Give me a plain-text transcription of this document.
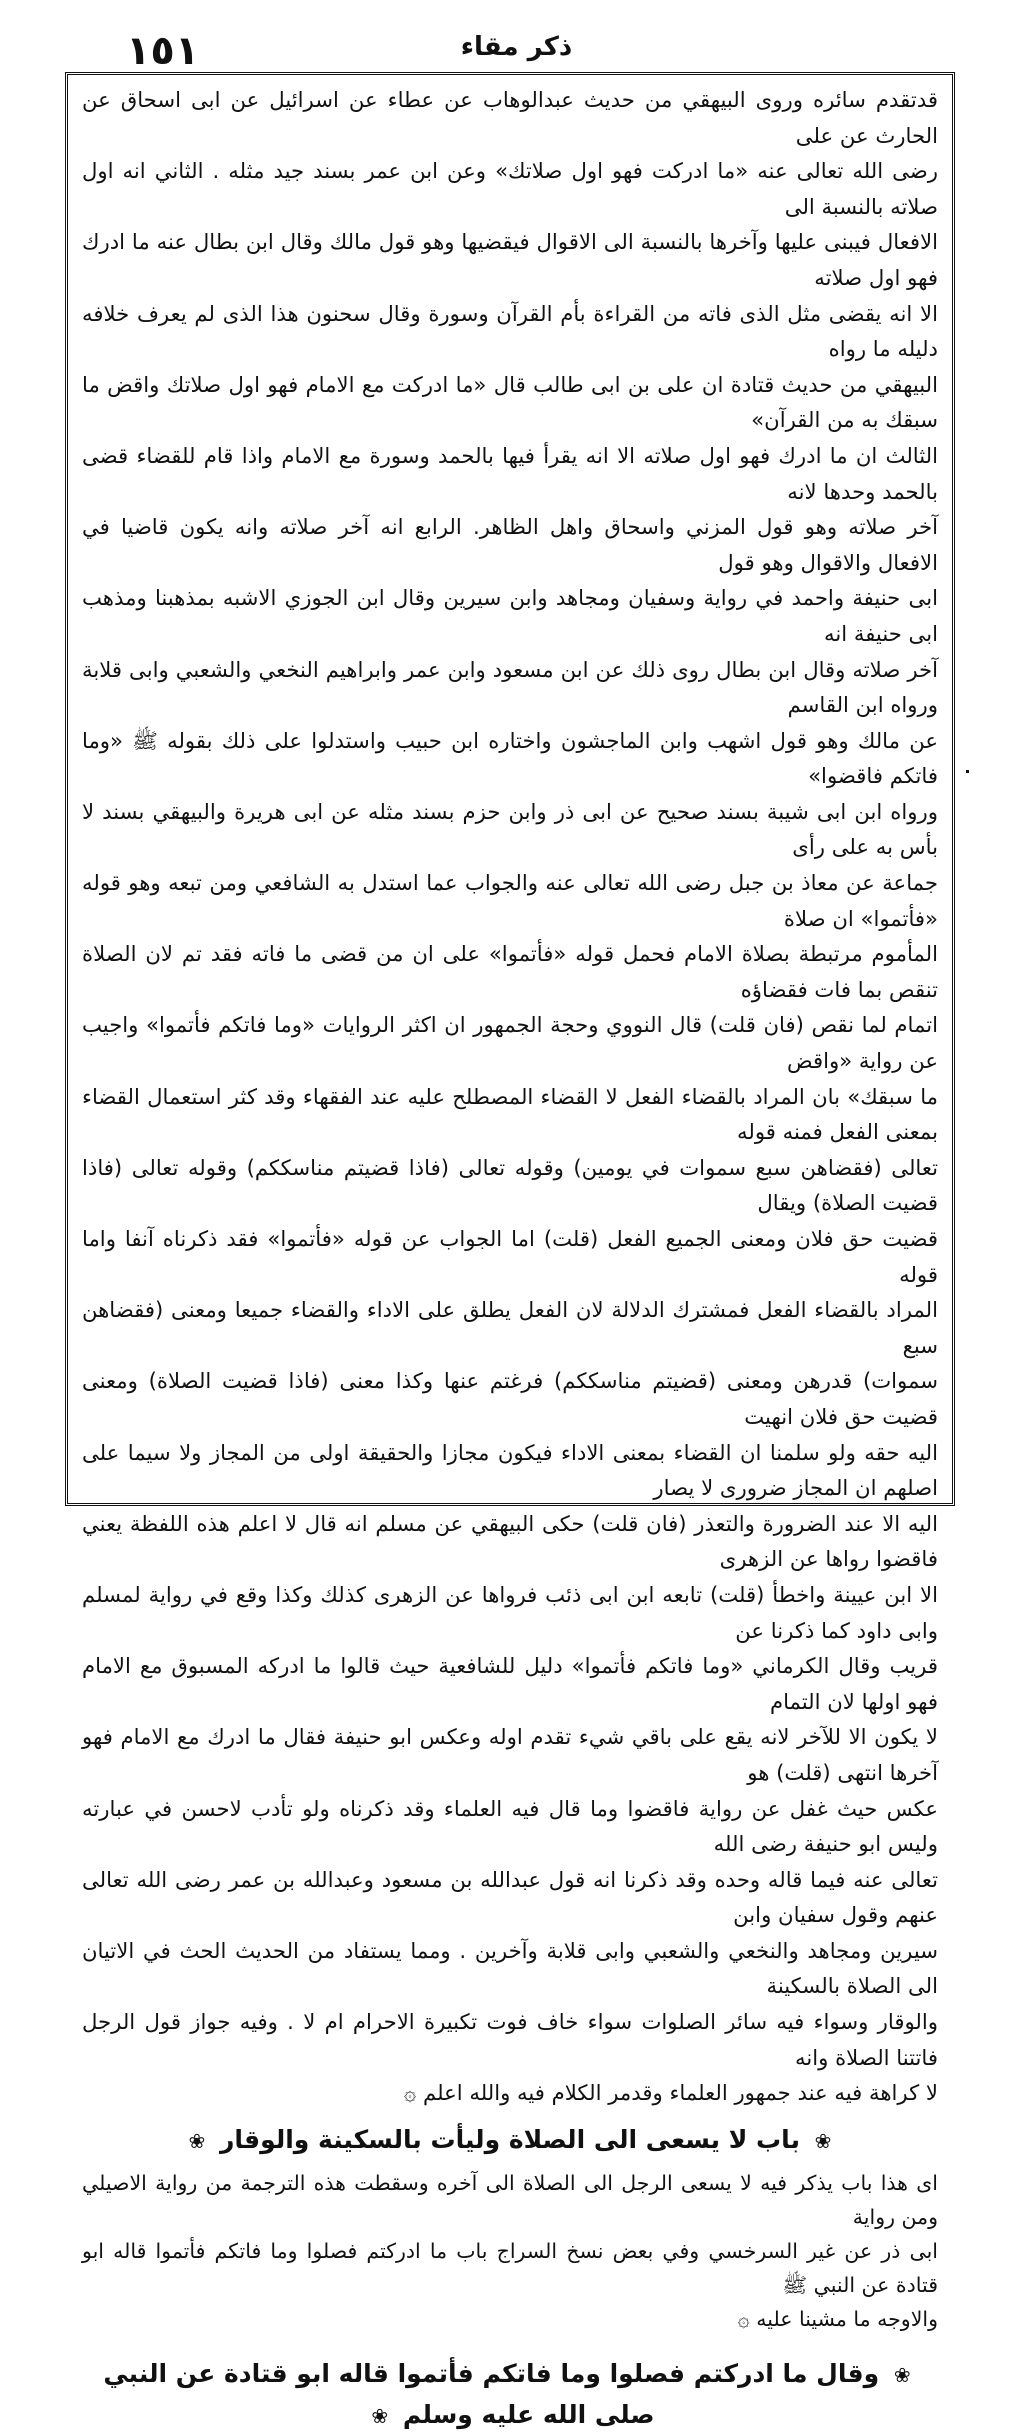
١٥١	ذكر مقاء

قدتقدم سائره وروى البيهقي من حديث عبدالوهاب عن عطاء عن اسرائيل عن ابى اسحاق عن الحارث عن على

رضى الله تعالى عنه «ما ادركت فهو اول صلاتك» وعن ابن عمر بسند جيد مثله . الثاني انه اول صلاته بالنسبة الى

الافعال فيبنى عليها وآخرها بالنسبة الى الاقوال فيقضيها وهو قول مالك وقال ابن بطال عنه ما ادرك فهو اول صلاته

الا انه يقضى مثل الذى فاته من القراءة بأم القرآن وسورة وقال سحنون هذا الذى لم يعرف خلافه دليله ما رواه

البيهقي من حديث قتادة ان على بن ابى طالب قال «ما ادركت مع الامام فهو اول صلاتك واقض ما سبقك به من القرآن»

الثالث ان ما ادرك فهو اول صلاته الا انه يقرأ فيها بالحمد وسورة مع الامام واذا قام للقضاء قضى بالحمد وحدها لانه

آخر صلاته وهو قول المزني واسحاق واهل الظاهر. الرابع انه آخر صلاته وانه يكون قاضيا في الافعال والاقوال وهو قول

ابى حنيفة واحمد في رواية وسفيان ومجاهد وابن سيرين وقال ابن الجوزي الاشبه بمذهبنا ومذهب ابى حنيفة انه

آخر صلاته وقال ابن بطال روى ذلك عن ابن مسعود وابن عمر وابراهيم النخعي والشعبي وابى قلابة ورواه ابن القاسم

عن مالك وهو قول اشهب وابن الماجشون واختاره ابن حبيب واستدلوا على ذلك بقوله ﷺ «وما فاتكم فاقضوا»

ورواه ابن ابى شيبة بسند صحيح عن ابى ذر وابن حزم بسند مثله عن ابى هريرة والبيهقي بسند لا بأس به على رأى

جماعة عن معاذ بن جبل رضى الله تعالى عنه والجواب عما استدل به الشافعي ومن تبعه وهو قوله «فأتموا» ان صلاة

المأموم مرتبطة بصلاة الامام فحمل قوله «فأتموا» على ان من قضى ما فاته فقد تم لان الصلاة تنقص بما فات فقضاؤه

اتمام لما نقص (فان قلت) قال النووي وحجة الجمهور ان اكثر الروايات «وما فاتكم فأتموا» واجيب عن رواية «واقض

ما سبقك» بان المراد بالقضاء الفعل لا القضاء المصطلح عليه عند الفقهاء وقد كثر استعمال القضاء بمعنى الفعل فمنه قوله

تعالى (فقضاهن سبع سموات في يومين) وقوله تعالى (فاذا قضيتم مناسككم) وقوله تعالى (فاذا قضيت الصلاة) ويقال

قضيت حق فلان ومعنى الجميع الفعل (قلت) اما الجواب عن قوله «فأتموا» فقد ذكرناه آنفا واما قوله

المراد بالقضاء الفعل فمشترك الدلالة لان الفعل يطلق على الاداء والقضاء جميعا ومعنى (فقضاهن سبع

سموات) قدرهن ومعنى (قضيتم مناسككم) فرغتم عنها وكذا معنى (فاذا قضيت الصلاة) ومعنى قضيت حق فلان انهيت

اليه حقه ولو سلمنا ان القضاء بمعنى الاداء فيكون مجازا والحقيقة اولى من المجاز ولا سيما على اصلهم ان المجاز ضرورى لا يصار

اليه الا عند الضرورة والتعذر (فان قلت) حكى البيهقي عن مسلم انه قال لا اعلم هذه اللفظة يعني فاقضوا رواها عن الزهرى

الا ابن عيينة واخطأ (قلت) تابعه ابن ابى ذئب فرواها عن الزهرى كذلك وكذا وقع في رواية لمسلم وابى داود كما ذكرنا عن

قريب وقال الكرماني «وما فاتكم فأتموا» دليل للشافعية حيث قالوا ما ادركه المسبوق مع الامام فهو اولها لان التمام

لا يكون الا للآخر لانه يقع على باقي شيء تقدم اوله وعكس ابو حنيفة فقال ما ادرك مع الامام فهو آخرها انتهى (قلت) هو

عكس حيث غفل عن رواية فاقضوا وما قال فيه العلماء وقد ذكرناه ولو تأدب لاحسن في عبارته وليس ابو حنيفة رضى الله

تعالى عنه فيما قاله وحده وقد ذكرنا انه قول عبدالله بن مسعود وعبدالله بن عمر رضى الله تعالى عنهم وقول سفيان وابن

سيرين ومجاهد والنخعي والشعبي وابى قلابة وآخرين . ومما يستفاد من الحديث الحث في الاتيان الى الصلاة بالسكينة

والوقار وسواء فيه سائر الصلوات سواء خاف فوت تكبيرة الاحرام ام لا . وفيه جواز قول الرجل فاتتنا الصلاة وانه

لا كراهة فيه عند جمهور العلماء وقدمر الكلام فيه والله اعلم ۞

❀ باب لا يسعى الى الصلاة وليأت بالسكينة والوقار ❀

اى هذا باب يذكر فيه لا يسعى الرجل الى الصلاة الى آخره وسقطت هذه الترجمة من رواية الاصيلي ومن رواية

ابى ذر عن غير السرخسي وفي بعض نسخ السراج باب ما ادركتم فصلوا وما فاتكم فأتموا قاله ابو قتادة عن النبي ﷺ

والاوجه ما مشينا عليه ۞

❀ وقال ما ادركتم فصلوا وما فاتكم فأتموا قاله ابو قتادة عن النبي صلى الله عليه وسلم ❀
